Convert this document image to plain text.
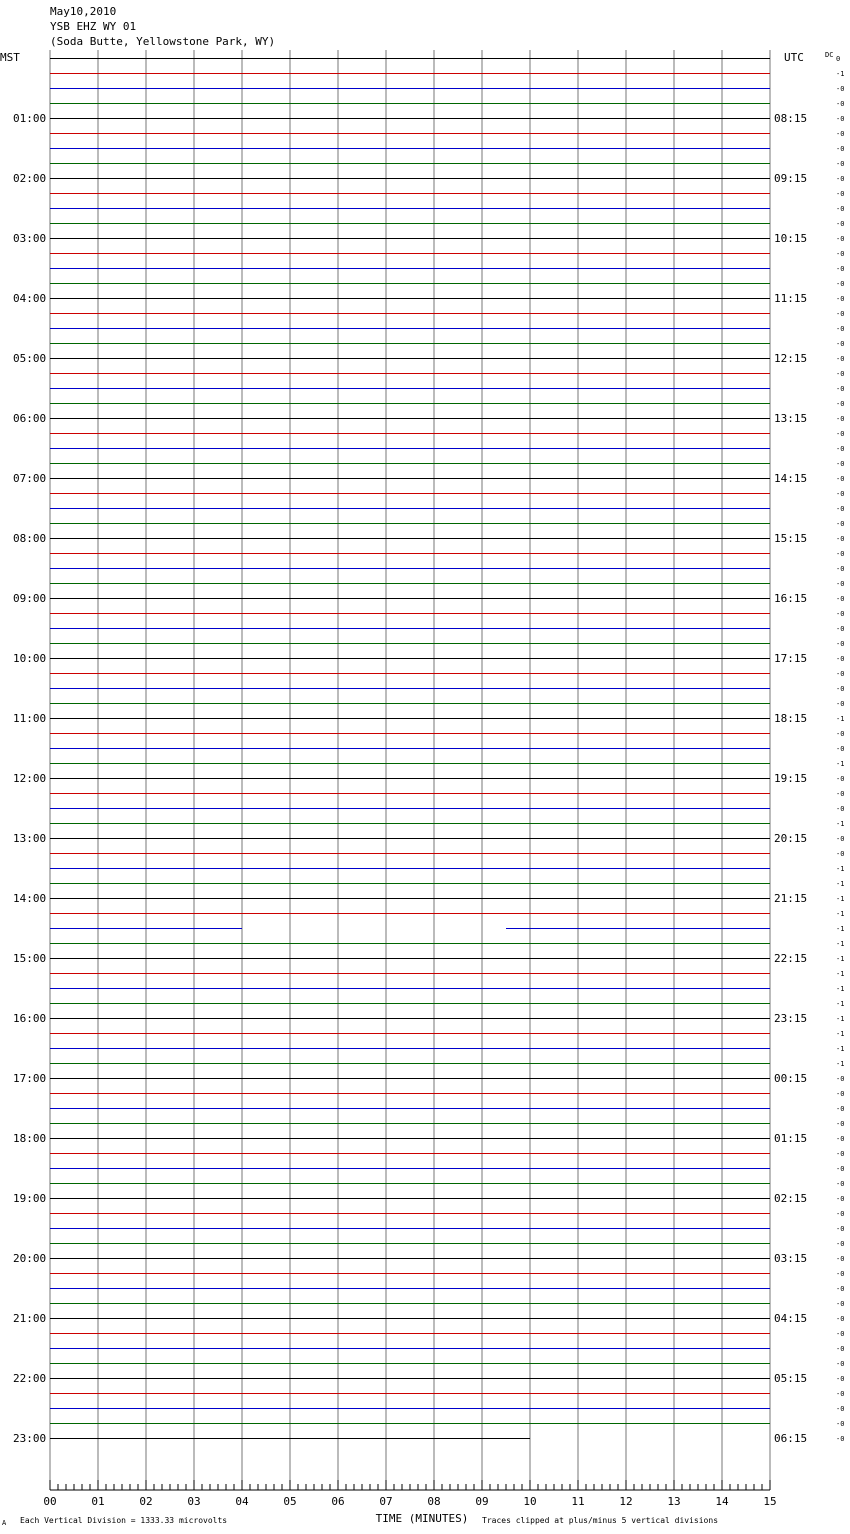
May10,2010
YSB EHZ WY 01
(Soda Butte, Yellowstone Park, WY)
MST	UTC	DC
01:00
02:00
03:00
04:00
05:00
06:00
07:00
08:00
09:00
10:00
11:00
12:00
13:00
14:00
15:00
16:00
17:00
18:00
19:00
20:00
21:00
22:00
23:00
08:15
09:15
10:15
11:15
12:15
13:15
14:15
15:15
16:15
17:15
18:15
19:15
20:15
21:15
22:15
23:15
00:15
01:15
02:15
03:15
04:15
05:15
06:15
0
-1
-0
-0
-0
-0
-0
-0
-0
-0
-0
-0
-0
-0
-0
-0
-0
-0
-0
-0
-0
-0
-0
-0
-0
-0
-0
-0
-0
-0
-0
-0
-0
-0
-0
-0
-0
-0
-0
-0
-0
-0
-0
-0
-1
-0
-0
-1
-0
-0
-0
-1
-0
-0
-1
-1
-1
-1
-1
-1
-1
-1
-1
-1
-1
-1
-1
-1
-0
-0
-0
-0
-0
-0
-0
-0
-0
-0
-0
-0
-0
-0
-0
-0
-0
-0
-0
-0
-0
-0
-0
-0
-0
00	01	02	03	04	05	06	07	08	09	10	11	12	13	14	15
TIME (MINUTES)
Each Vertical Division = 1333.33 microvolts	Traces clipped at plus/minus 5 vertical divisions
A
